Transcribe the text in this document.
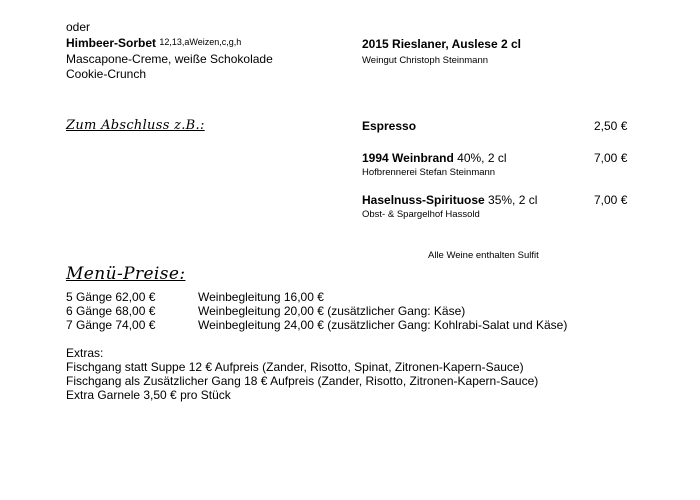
oder
Himbeer-Sorbet $^{12,13,aWeizen,c,g,h}$
Mascapone-Creme, weiße Schokolade
Cookie-Crunch
2015 Rieslaner, Auslese 2 cl
Weingut Christoph Steinmann
Zum Abschluss z.B.:	Espresso	2,50 €
1994 Weinbrand 40%, 2 cl	7,00 €
Hofbrennerei Stefan Steinmann
Haselnuss-Spirituose 35%, 2 cl	7,00 €
Obst- & Spargelhof Hassold
Alle Weine enthalten Sulfit
Menü-Preise:
5 Gänge 62,00 €	Weinbegleitung 16,00 €
6 Gänge 68,00 €	Weinbegleitung 20,00 € (zusätzlicher Gang: Käse)
7 Gänge 74,00 €	Weinbegleitung 24,00 € (zusätzlicher Gang: Kohlrabi-Salat und Käse)
Extras:
Fischgang statt Suppe 12 € Aufpreis (Zander, Risotto, Spinat, Zitronen-Kapern-Sauce)
Fischgang als Zusätzlicher Gang 18 € Aufpreis (Zander, Risotto, Zitronen-Kapern-Sauce)
Extra Garnele 3,50 € pro Stück
